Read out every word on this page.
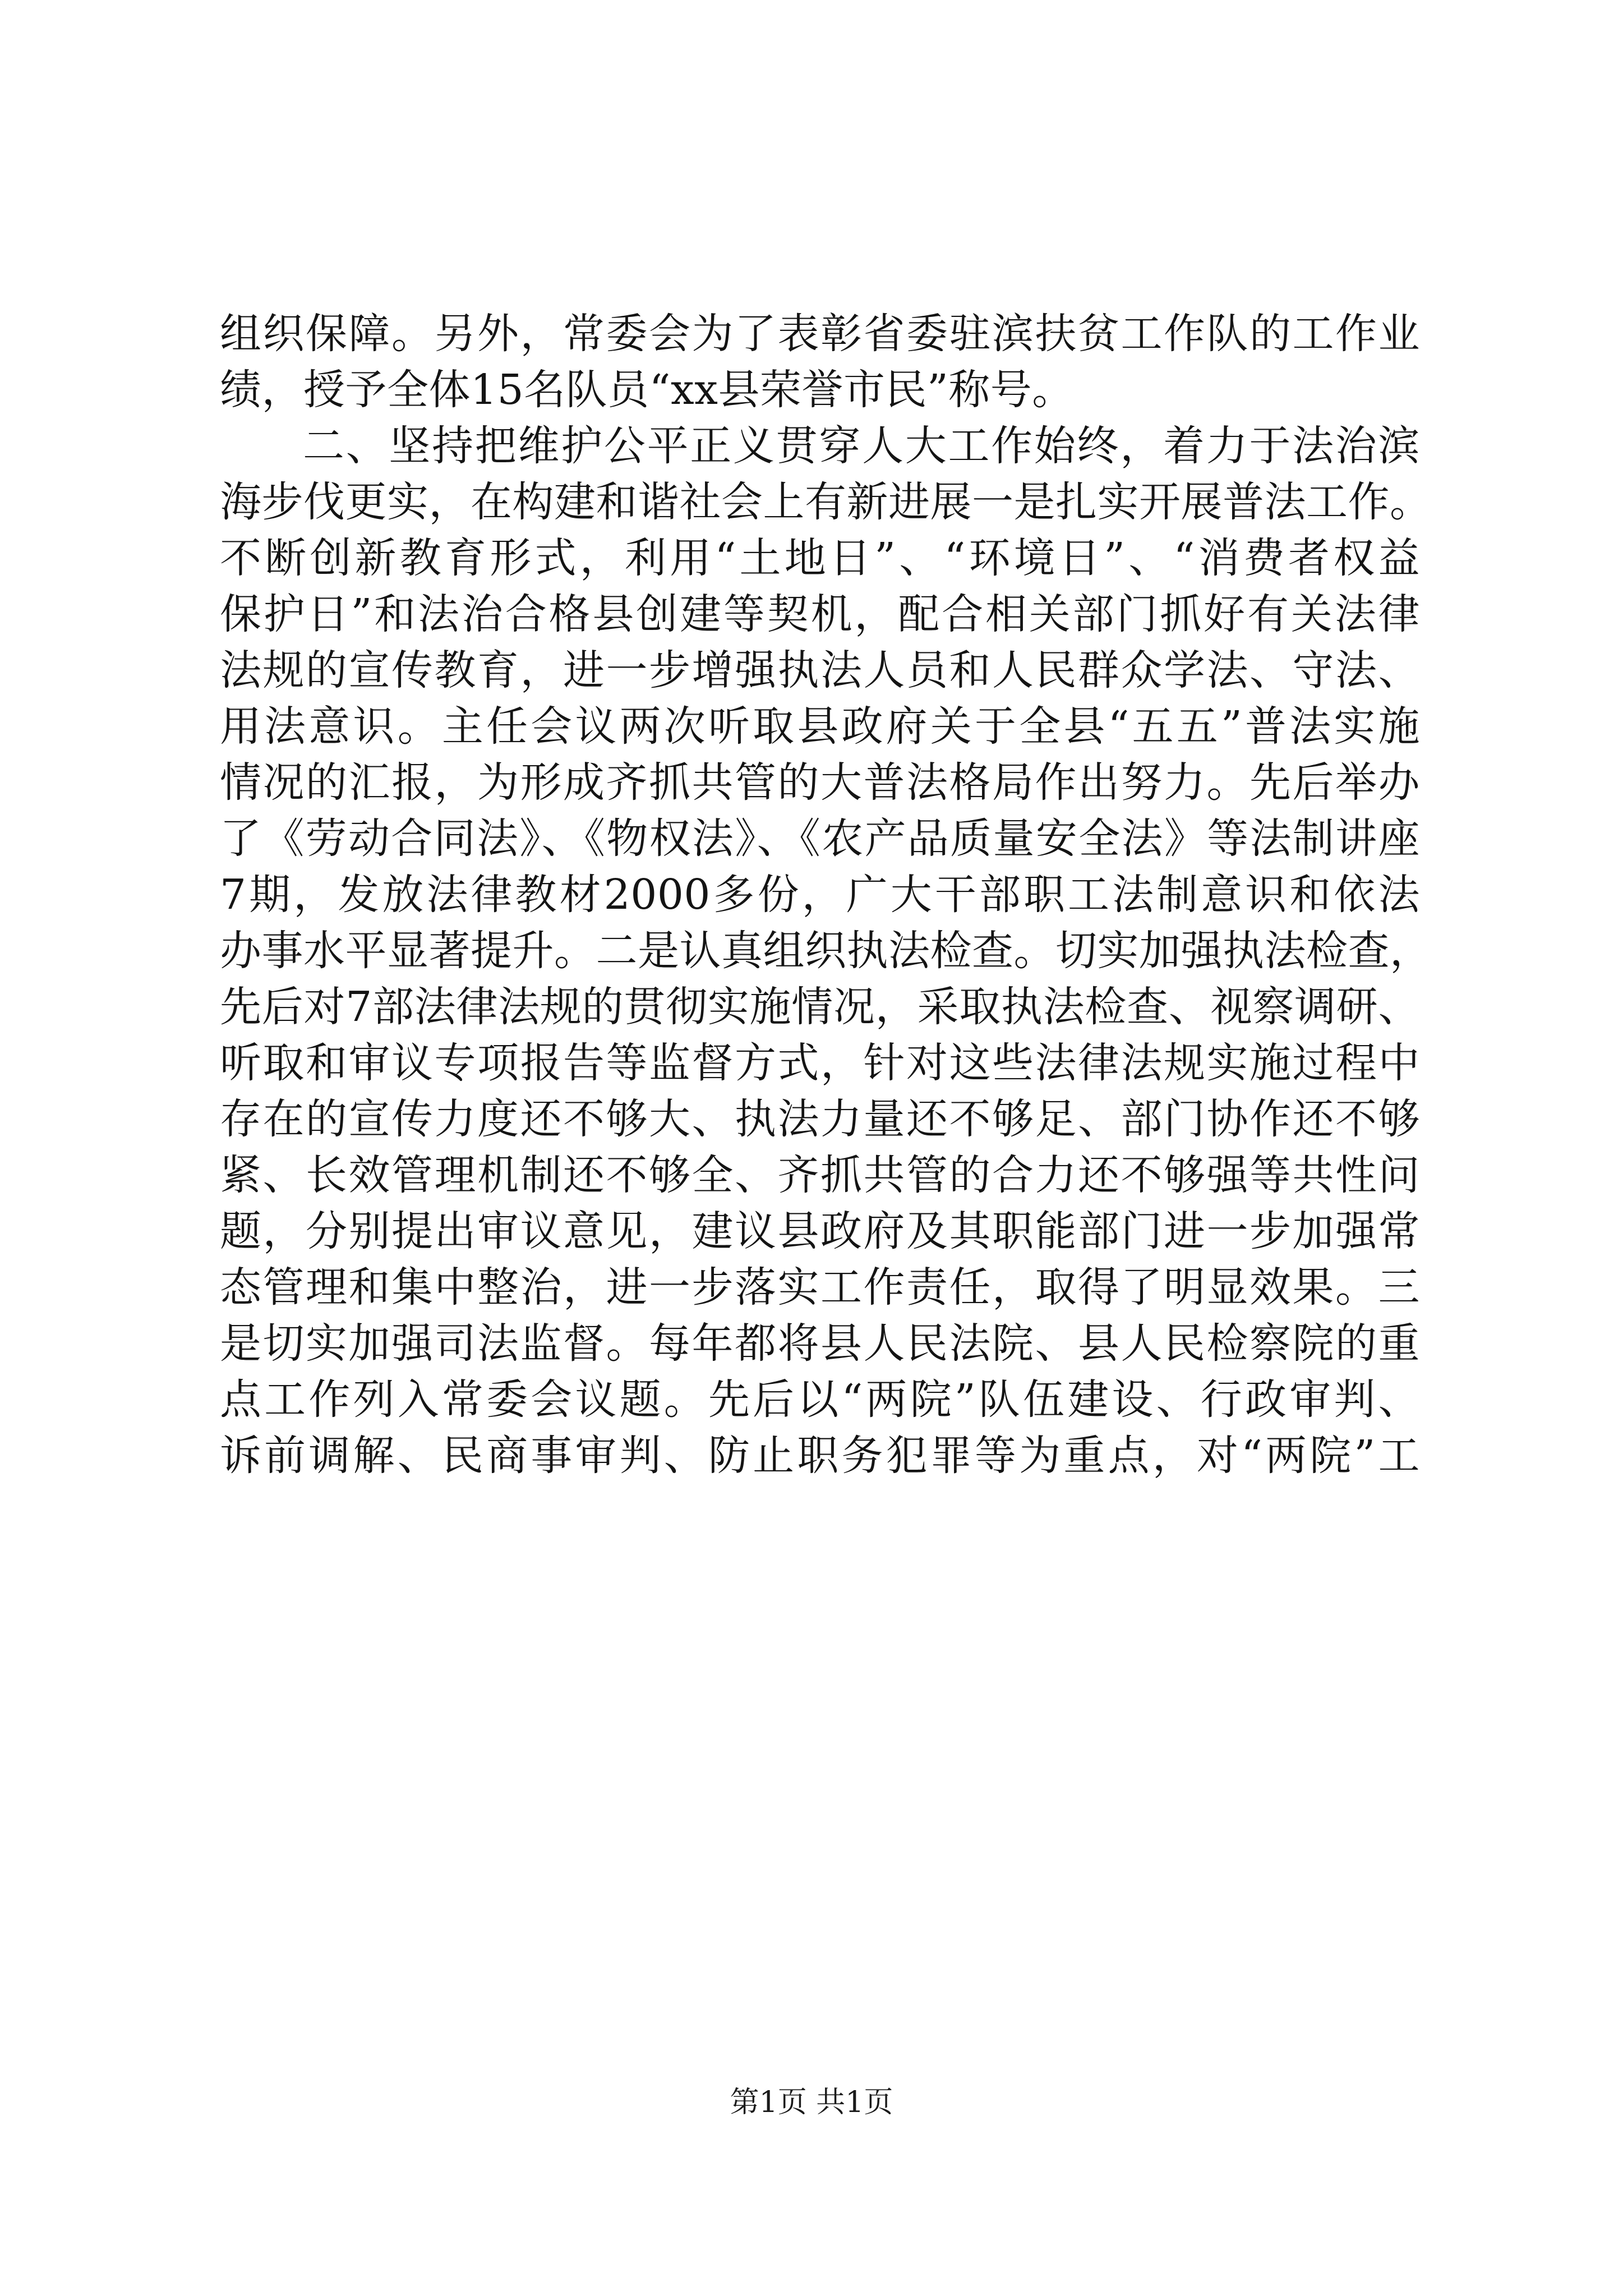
组织保障。另外，常委会为了表彰省委驻滨扶贫工作队的工作业
绩，授予全体15名队员“xx县荣誉市民”称号。
二、坚持把维护公平正义贯穿人大工作始终，着力于法治滨
海步伐更实，在构建和谐社会上有新进展一是扎实开展普法工作。
不断创新教育形式，利用“土地日”、“环境日”、“消费者权益
保护日”和法治合格县创建等契机，配合相关部门抓好有关法律
法规的宣传教育，进一步增强执法人员和人民群众学法、守法、
用法意识。主任会议两次听取县政府关于全县“五五”普法实施
情况的汇报，为形成齐抓共管的大普法格局作出努力。先后举办
了《劳动合同法》、《物权法》、《农产品质量安全法》等法制讲座
7期，发放法律教材2000多份，广大干部职工法制意识和依法
办事水平显著提升。二是认真组织执法检查。切实加强执法检查，
先后对7部法律法规的贯彻实施情况，采取执法检查、视察调研、
听取和审议专项报告等监督方式，针对这些法律法规实施过程中
存在的宣传力度还不够大、执法力量还不够足、部门协作还不够
紧、长效管理机制还不够全、齐抓共管的合力还不够强等共性问
题，分别提出审议意见，建议县政府及其职能部门进一步加强常
态管理和集中整治，进一步落实工作责任，取得了明显效果。三
是切实加强司法监督。每年都将县人民法院、县人民检察院的重
点工作列入常委会议题。先后以“两院”队伍建设、行政审判、
诉前调解、民商事审判、防止职务犯罪等为重点，对“两院”工
第1页 共1页
